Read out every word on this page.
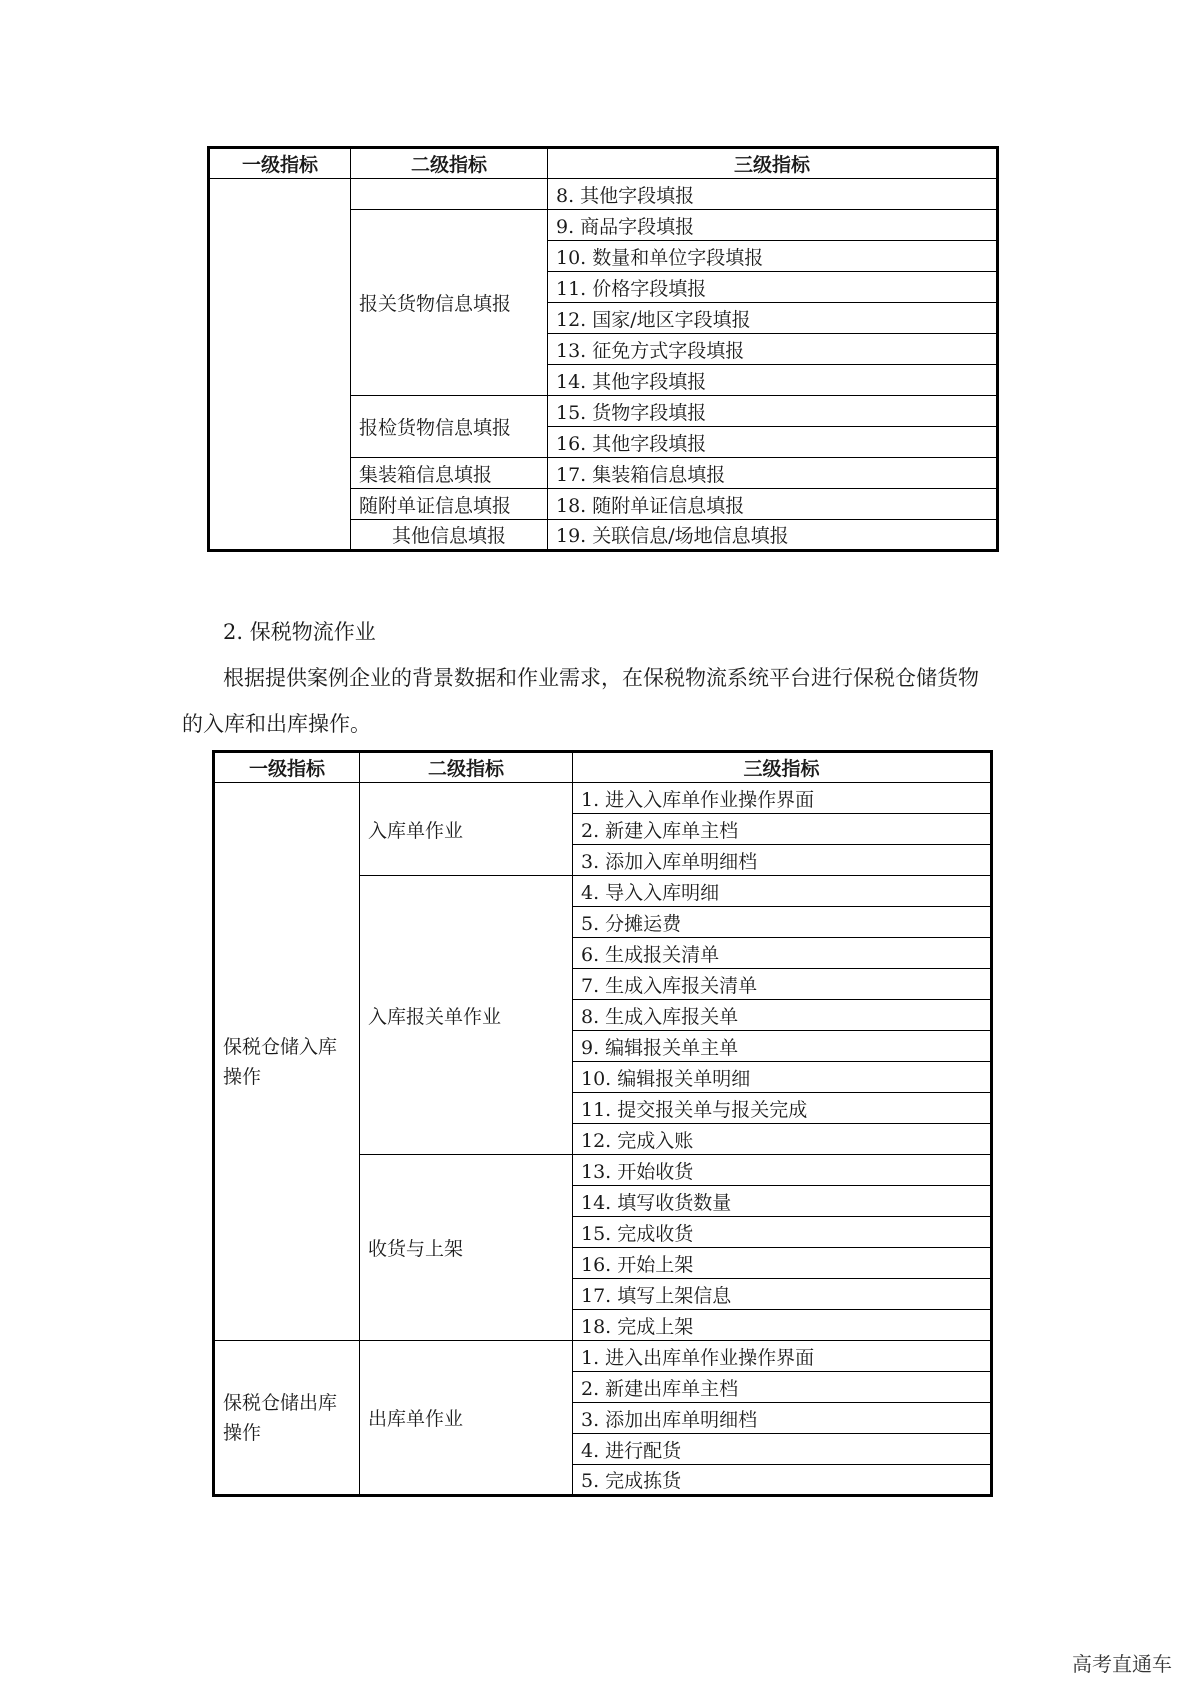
一级指标	二级指标	三级指标
		8. 其他字段填报
	报关货物信息填报	9. 商品字段填报
		10. 数量和单位字段填报
		11. 价格字段填报
		12. 国家/地区字段填报
		13. 征免方式字段填报
		14. 其他字段填报
	报检货物信息填报	15. 货物字段填报
		16. 其他字段填报
	集装箱信息填报	17. 集装箱信息填报
	随附单证信息填报	18. 随附单证信息填报
	其他信息填报	19. 关联信息/场地信息填报

2. 保税物流作业

根据提供案例企业的背景数据和作业需求，在保税物流系统平台进行保税仓储货物

的入库和出库操作。

一级指标	二级指标	三级指标
保税仓储入库操作	入库单作业	1. 进入入库单作业操作界面
		2. 新建入库单主档
		3. 添加入库单明细档
	入库报关单作业	4. 导入入库明细
		5. 分摊运费
		6. 生成报关清单
		7. 生成入库报关清单
		8. 生成入库报关单
		9. 编辑报关单主单
		10. 编辑报关单明细
		11. 提交报关单与报关完成
		12. 完成入账
	收货与上架	13. 开始收货
		14. 填写收货数量
		15. 完成收货
		16. 开始上架
		17. 填写上架信息
		18. 完成上架
保税仓储出库操作	出库单作业	1. 进入出库单作业操作界面
		2. 新建出库单主档
		3. 添加出库单明细档
		4. 进行配货
		5. 完成拣货
高考直通车
